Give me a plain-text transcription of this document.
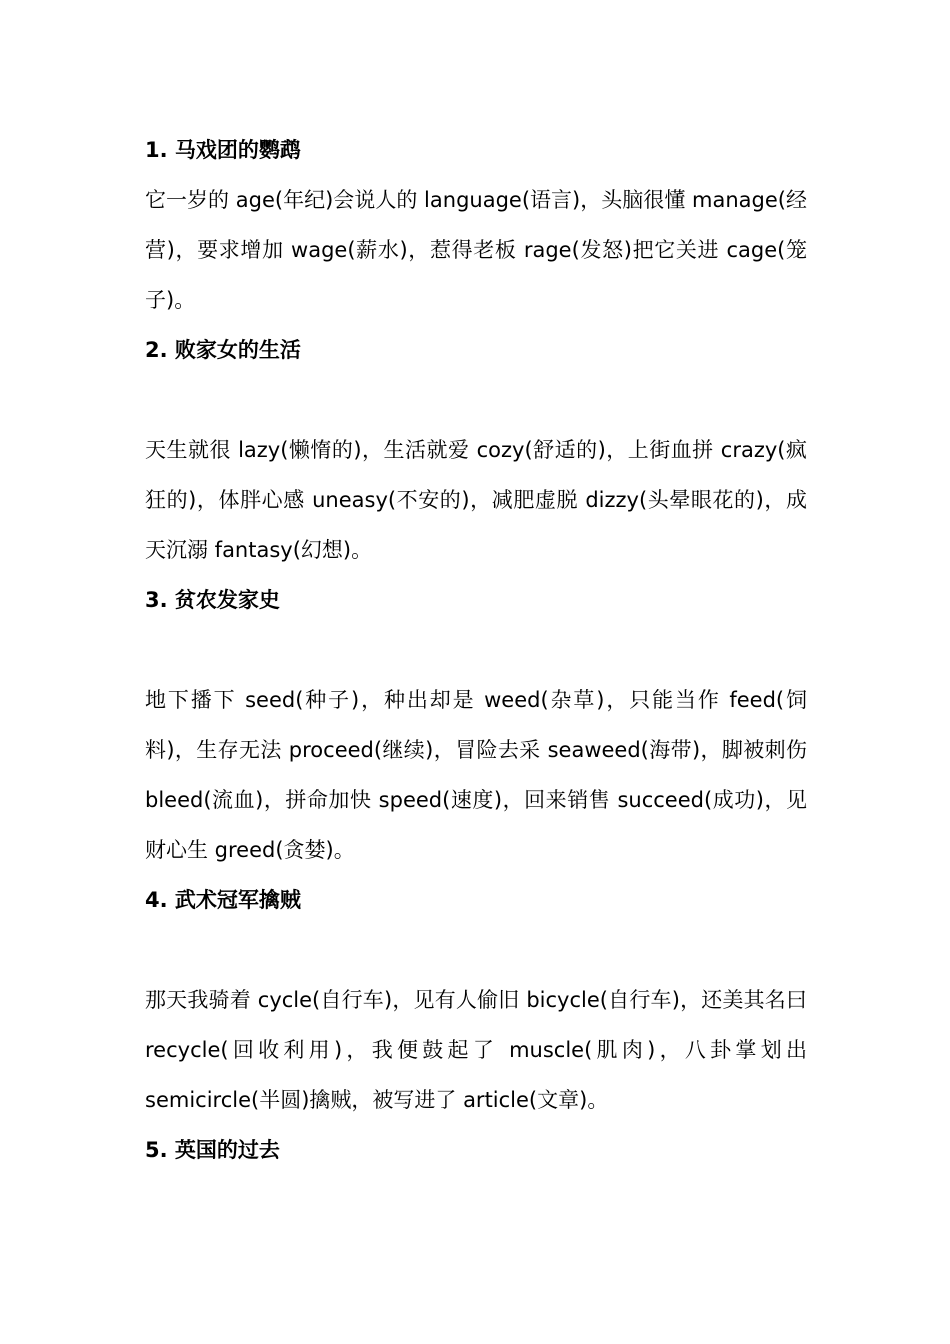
1. 马戏团的鹦鹉

它一岁的 age(年纪)会说人的 language(语言)，头脑很懂 manage(经营)，要求增加 wage(薪水)，惹得老板 rage(发怒)把它关进 cage(笼子)。

2. 败家女的生活

天生就很 lazy(懒惰的)，生活就爱 cozy(舒适的)，上街血拼 crazy(疯狂的)，体胖心感 uneasy(不安的)，减肥虚脱 dizzy(头晕眼花的)，成天沉溺 fantasy(幻想)。

3. 贫农发家史

地下播下 seed(种子)，种出却是 weed(杂草)，只能当作 feed(饲料)，生存无法 proceed(继续)，冒险去采 seaweed(海带)，脚被刺伤 bleed(流血)，拼命加快 speed(速度)，回来销售 succeed(成功)，见财心生 greed(贪婪)。

4. 武术冠军擒贼

那天我骑着 cycle(自行车)，见有人偷旧 bicycle(自行车)，还美其名曰 recycle(回收利用)，我便鼓起了 muscle(肌肉)，八卦掌划出 semicircle(半圆)擒贼，被写进了 article(文章)。

5. 英国的过去
